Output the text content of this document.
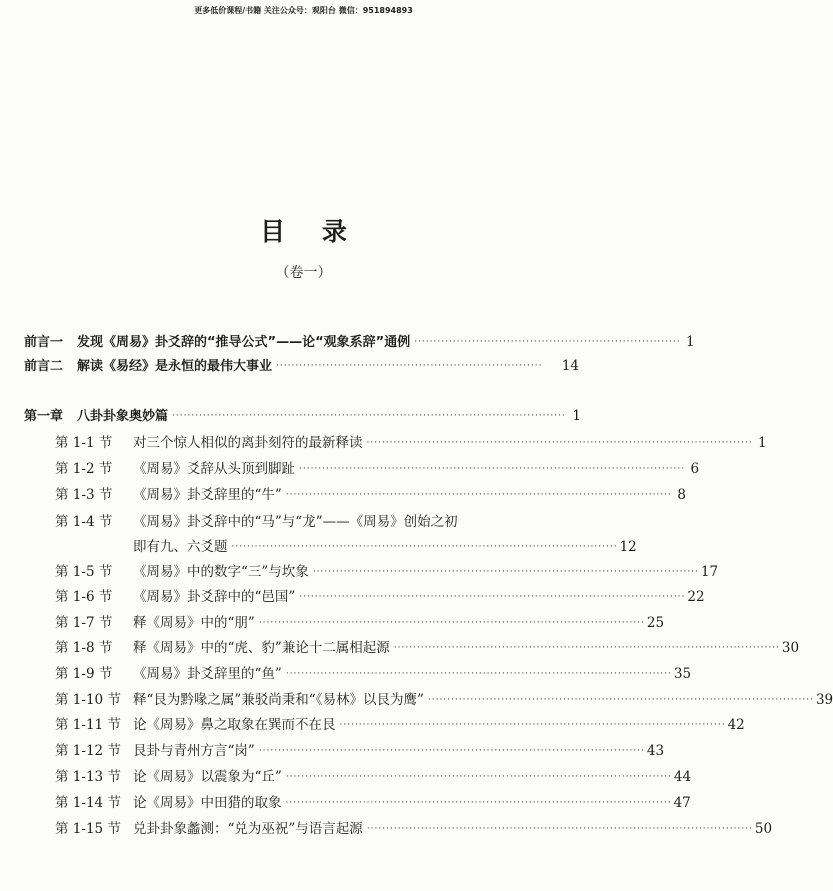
更多低价课程/书籍 关注公众号：观阳台 微信：951894893
目 录
（卷一）
前言一 发现《周易》卦爻辞的“推导公式”——论“观象系辞”通例 ····································································· 1
前言二 解读《易经》是永恒的最伟大事业 ·····································································	14
第一章 八卦卦象奥妙篇 ······································································································ 1
第 1-1 节	对三个惊人相似的离卦刻符的最新释读 ···································································································· 1
第 1-2 节	《周易》爻辞从头顶到脚趾 ···································································································· 6
第 1-3 节	《周易》卦爻辞里的“牛” ···································································································· 8
第 1-4 节	《周易》卦爻辞中的“马”与“龙”——《周易》创始之初
即有九、六爻题 ···································································································· 12
第 1-5 节	《周易》中的数字“三”与坎象 ···································································································· 17
第 1-6 节	《周易》卦爻辞中的“邑国” ···································································································· 22
第 1-7 节	释《周易》中的“朋” ···································································································· 25
第 1-8 节	释《周易》中的“虎、豹”兼论十二属相起源 ···································································································· 30
第 1-9 节	《周易》卦爻辞里的“鱼” ···································································································· 35
第 1-10 节 释“艮为黔喙之属”兼驳尚秉和“《易林》以艮为鹰” ···································································································· 39
第 1-11 节 论《周易》鼻之取象在巽而不在艮 ···································································································· 42
第 1-12 节 艮卦与青州方言“岗” ···································································································· 43
第 1-13 节 论《周易》以震象为“丘” ···································································································· 44
第 1-14 节 论《周易》中田猎的取象 ···································································································· 47
第 1-15 节 兑卦卦象蠡测：“兑为巫祝”与语言起源 ···································································································· 50
